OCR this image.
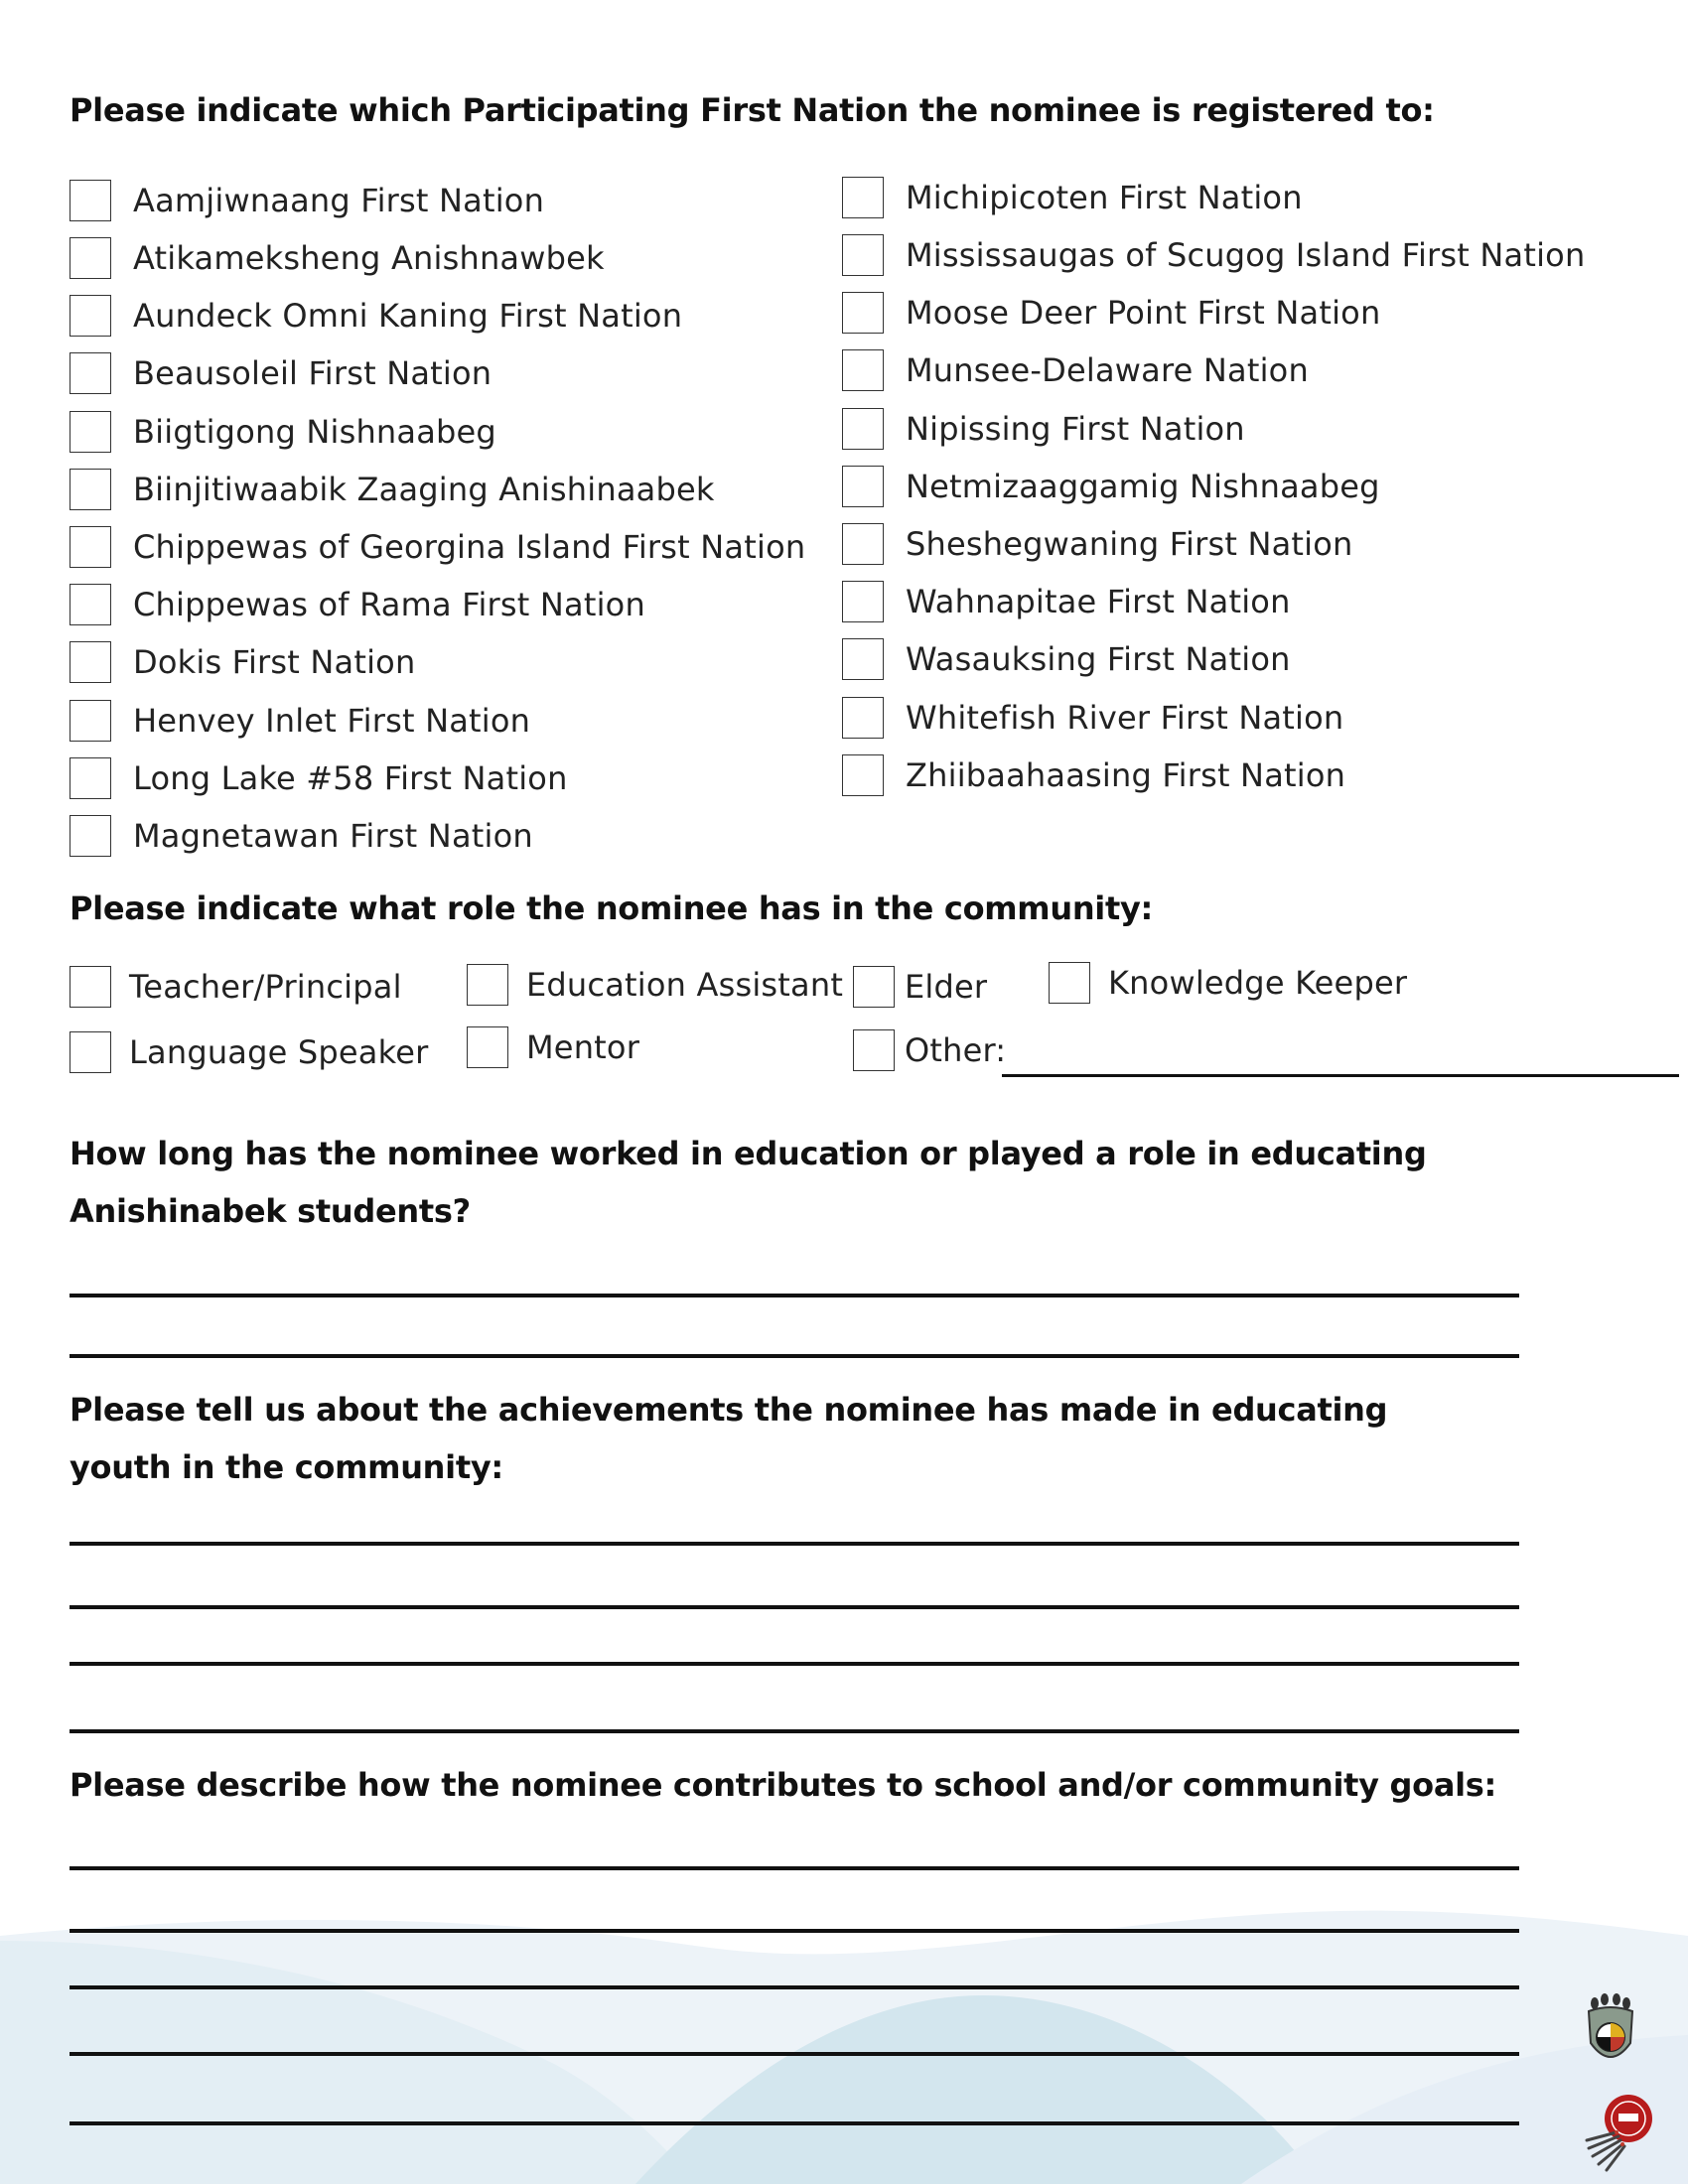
Please indicate which Participating First Nation the nominee is registered to:
Aamjiwnaang First Nation
Atikameksheng Anishnawbek
Aundeck Omni Kaning First Nation
Beausoleil First Nation
Biigtigong Nishnaabeg
Biinjitiwaabik Zaaging Anishinaabek
Chippewas of Georgina Island First Nation
Chippewas of Rama First Nation
Dokis First Nation
Henvey Inlet First Nation
Long Lake #58 First Nation
Magnetawan First Nation
Michipicoten First Nation
Mississaugas of Scugog Island First Nation
Moose Deer Point First Nation
Munsee-Delaware Nation
Nipissing First Nation
Netmizaaggamig Nishnaabeg
Sheshegwaning First Nation
Wahnapitae First Nation
Wasauksing First Nation
Whitefish River First Nation
Zhiibaahaasing First Nation
Please indicate what role the nominee has in the community:
Teacher/Principal	Education Assistant Elder	Knowledge Keeper
Language Speaker	Mentor	Other:
How long has the nominee worked in education or played a role in educating
Anishinabek students?
Please tell us about the achievements the nominee has made in educating
youth in the community:
Please describe how the nominee contributes to school and/or community goals:
